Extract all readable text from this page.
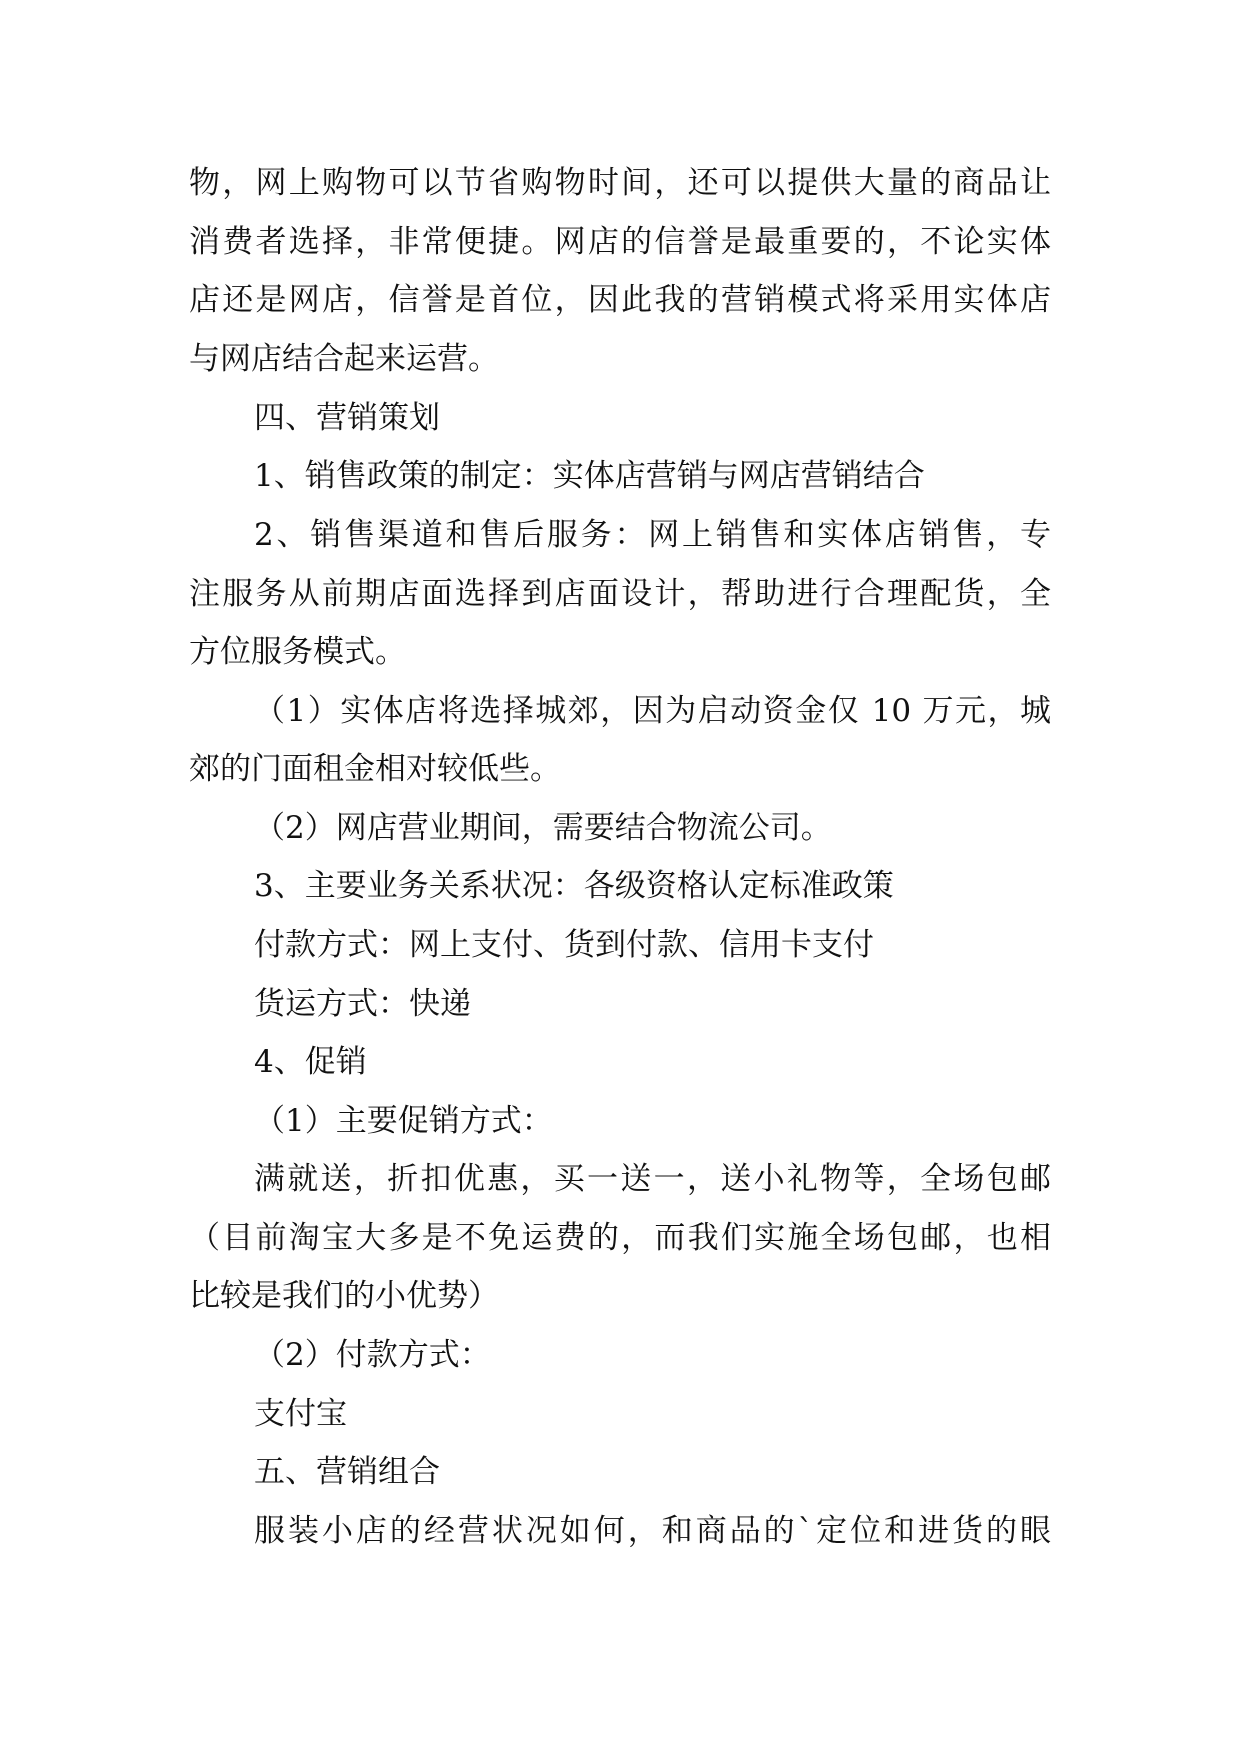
物，网上购物可以节省购物时间，还可以提供大量的商品让
消费者选择，非常便捷。网店的信誉是最重要的，不论实体
店还是网店，信誉是首位，因此我的营销模式将采用实体店
与网店结合起来运营。
四、营销策划
1、销售政策的制定：实体店营销与网店营销结合
2、销售渠道和售后服务：网上销售和实体店销售，专
注服务从前期店面选择到店面设计，帮助进行合理配货，全
方位服务模式。
（1）实体店将选择城郊，因为启动资金仅 10 万元，城
郊的门面租金相对较低些。
（2）网店营业期间，需要结合物流公司。
3、主要业务关系状况：各级资格认定标准政策
付款方式：网上支付、货到付款、信用卡支付
货运方式：快递
4、促销
（1）主要促销方式：
满就送，折扣优惠，买一送一，送小礼物等，全场包邮
（目前淘宝大多是不免运费的，而我们实施全场包邮，也相
比较是我们的小优势）
（2）付款方式：
支付宝
五、营销组合
服装小店的经营状况如何，和商品的`定位和进货的眼
